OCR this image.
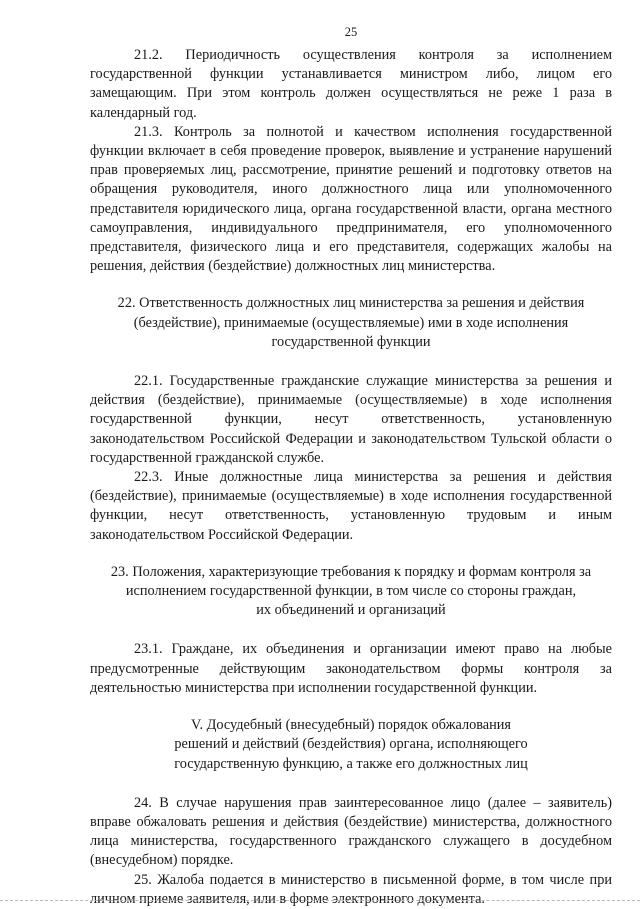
25

21.2. Периодичность осуществления контроля за исполнением государственной функции устанавливается министром либо, лицом его замещающим. При этом контроль должен осуществляться не реже 1 раза в календарный год.

21.3. Контроль за полнотой и качеством исполнения государственной функции включает в себя проведение проверок, выявление и устранение нарушений прав проверяемых лиц, рассмотрение, принятие решений и подготовку ответов на обращения руководителя, иного должностного лица или уполномоченного представителя юридического лица, органа государственной власти, органа местного самоуправления, индивидуального предпринимателя, его уполномоченного представителя, физического лица и его представителя, содержащих жалобы на решения, действия (бездействие) должностных лиц министерства.

22. Ответственность должностных лиц министерства за решения и действия
(бездействие), принимаемые (осуществляемые) ими в ходе исполнения
государственной функции

22.1. Государственные гражданские служащие министерства за решения и действия (бездействие), принимаемые (осуществляемые) в ходе исполнения государственной функции, несут ответственность, установленную законодательством Российской Федерации и законодательством Тульской области о государственной гражданской службе.

22.3. Иные должностные лица министерства за решения и действия (бездействие), принимаемые (осуществляемые) в ходе исполнения государственной функции, несут ответственность, установленную трудовым и иным законодательством Российской Федерации.

23. Положения, характеризующие требования к порядку и формам контроля за
исполнением государственной функции, в том числе со стороны граждан,
их объединений и организаций

23.1. Граждане, их объединения и организации имеют право на любые предусмотренные действующим законодательством формы контроля за деятельностью министерства при исполнении государственной функции.

V. Досудебный (внесудебный) порядок обжалования
решений и действий (бездействия) органа, исполняющего
государственную функцию, а также его должностных лиц

24. В случае нарушения прав заинтересованное лицо (далее – заявитель) вправе обжаловать решения и действия (бездействие) министерства, должностного лица министерства, государственного гражданского служащего в досудебном (внесудебном) порядке.

25. Жалоба подается в министерство в письменной форме, в том числе при личном приеме заявителя, или в форме электронного документа.
